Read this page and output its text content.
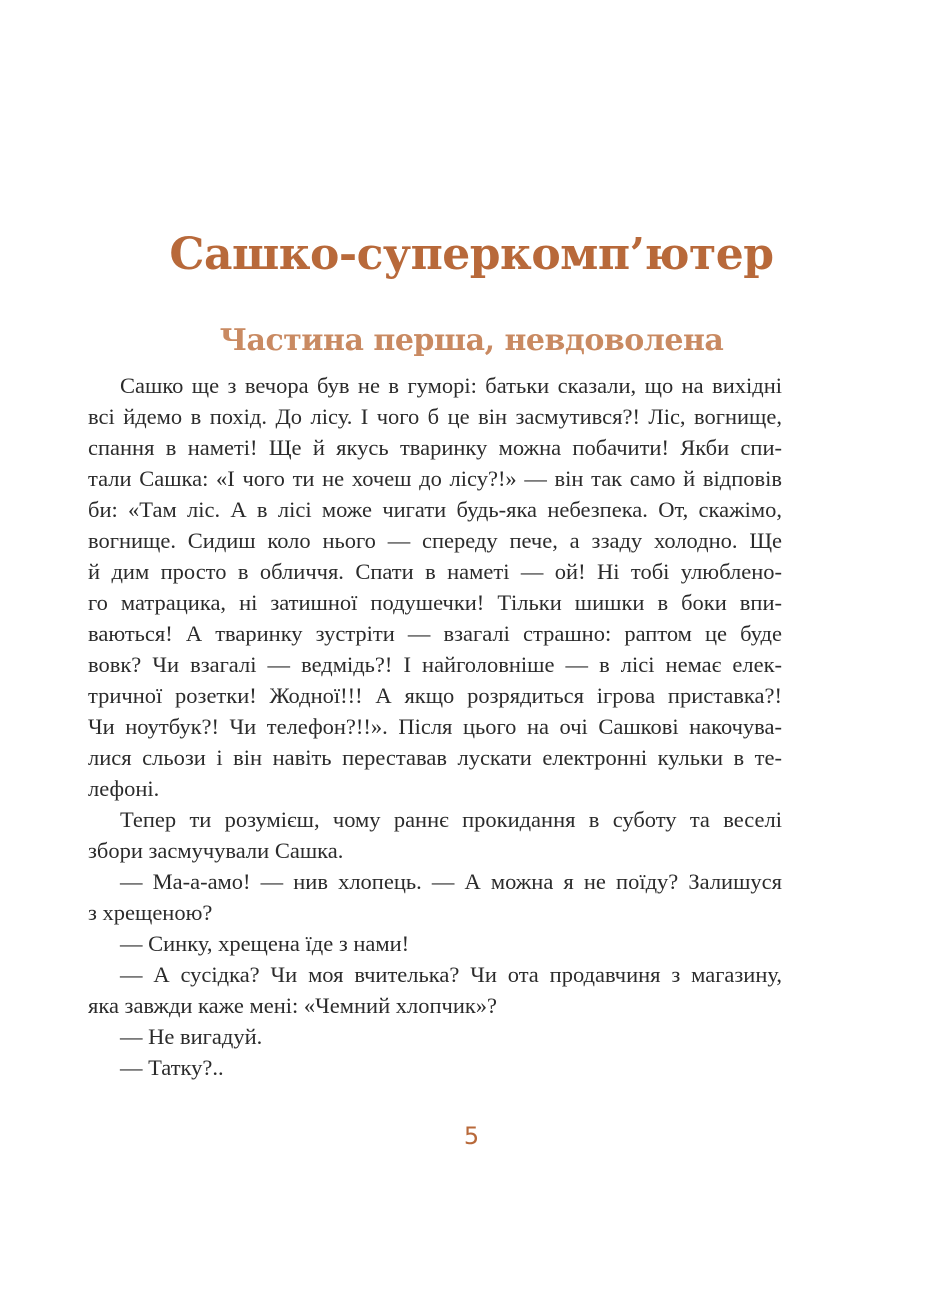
Сашко-суперкомп’ютер
Частина перша, невдоволена
Сашко ще з вечора був не в гуморі: батьки сказали, що на вихідні
всі йдемо в похід. До лісу. І чого б це він засмутився?! Ліс, вогнище,
спання в наметі! Ще й якусь тваринку можна побачити! Якби спи-
тали Сашка: «І чого ти не хочеш до лісу?!» — він так само й відповів
би: «Там ліс. А в лісі може чигати будь-яка небезпека. От, скажімо,
вогнище. Сидиш коло нього — спереду пече, а ззаду холодно. Ще
й дим просто в обличчя. Спати в наметі — ой! Ні тобі улюблено-
го матрацика, ні затишної подушечки! Тільки шишки в боки впи-
ваються! А тваринку зустріти — взагалі страшно: раптом це буде
вовк? Чи взагалі — ведмідь?! І найголовніше — в лісі немає елек-
тричної розетки! Жодної!!! А якщо розрядиться ігрова приставка?!
Чи ноутбук?! Чи телефон?!!». Після цього на очі Сашкові накочува-
лися сльози і він навіть переставав лускати електронні кульки в те-
лефоні.
Тепер ти розумієш, чому раннє прокидання в суботу та веселі
збори засмучували Сашка.
— Ма-а-амо! — нив хлопець. — А можна я не поїду? Залишуся
з хрещеною?
— Синку, хрещена їде з нами!
— А сусідка? Чи моя вчителька? Чи ота продавчиня з магазину,
яка завжди каже мені: «Чемний хлопчик»?
— Не вигадуй.
— Татку?..
5
